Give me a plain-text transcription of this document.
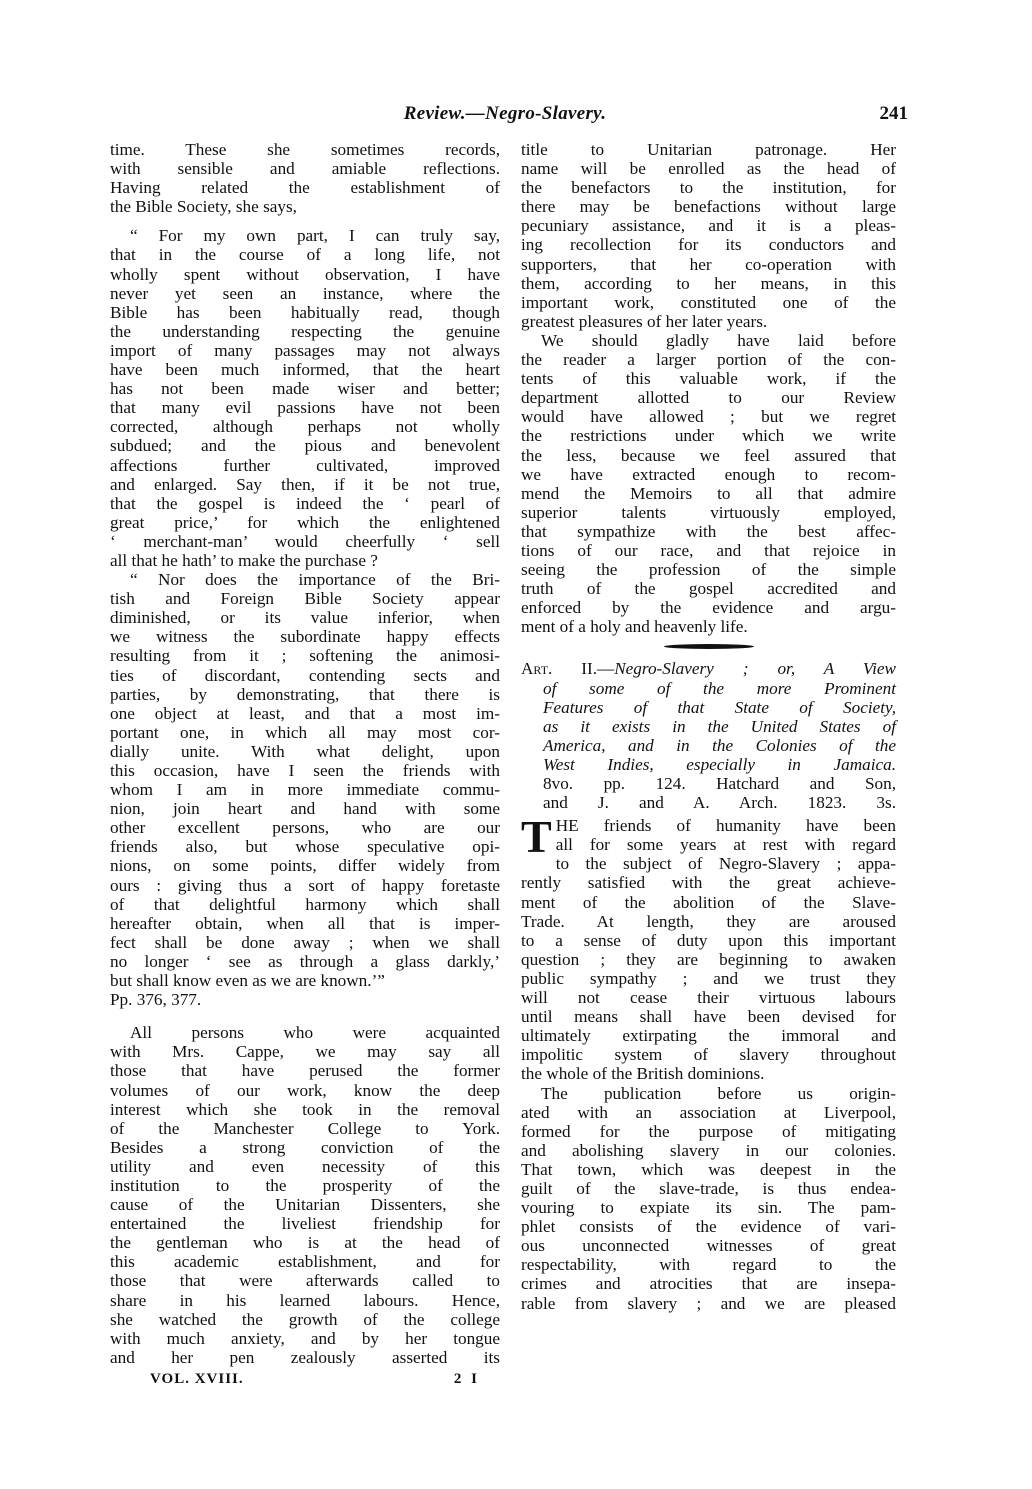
Review.—Negro-Slavery.	241
time. These she sometimes records,
with sensible and amiable reflections.
Having related the establishment of
the Bible Society, she says,
“ For my own part, I can truly say,
that in the course of a long life, not
wholly spent without observation, I have
never yet seen an instance, where the
Bible has been habitually read, though
the understanding respecting the genuine
import of many passages may not always
have been much informed, that the heart
has not been made wiser and better;
that many evil passions have not been
corrected, although perhaps not wholly
subdued; and the pious and benevolent
affections further cultivated, improved
and enlarged. Say then, if it be not true,
that the gospel is indeed the ‘ pearl of
great price,’ for which the enlightened
‘ merchant-man’ would cheerfully ‘ sell
all that he hath’ to make the purchase ?
“ Nor does the importance of the Bri-
tish and Foreign Bible Society appear
diminished, or its value inferior, when
we witness the subordinate happy effects
resulting from it ; softening the animosi-
ties of discordant, contending sects and
parties, by demonstrating, that there is
one object at least, and that a most im-
portant one, in which all may most cor-
dially unite. With what delight, upon
this occasion, have I seen the friends with
whom I am in more immediate commu-
nion, join heart and hand with some
other excellent persons, who are our
friends also, but whose speculative opi-
nions, on some points, differ widely from
ours : giving thus a sort of happy foretaste
of that delightful harmony which shall
hereafter obtain, when all that is imper-
fect shall be done away ; when we shall
no longer ‘ see as through a glass darkly,’
but shall know even as we are known.’”
Pp. 376, 377.
All persons who were acquainted
with Mrs. Cappe, we may say all
those that have perused the former
volumes of our work, know the deep
interest which she took in the removal
of the Manchester College to York.
Besides a strong conviction of the
utility and even necessity of this
institution to the prosperity of the
cause of the Unitarian Dissenters, she
entertained the liveliest friendship for
the gentleman who is at the head of
this academic establishment, and for
those that were afterwards called to
share in his learned labours. Hence,
she watched the growth of the college
with much anxiety, and by her tongue
and her pen zealously asserted its
title to Unitarian patronage. Her
name will be enrolled as the head of
the benefactors to the institution, for
there may be benefactions without large
pecuniary assistance, and it is a pleas-
ing recollection for its conductors and
supporters, that her co-operation with
them, according to her means, in this
important work, constituted one of the
greatest pleasures of her later years.
We should gladly have laid before
the reader a larger portion of the con-
tents of this valuable work, if the
department allotted to our Review
would have allowed ; but we regret
the restrictions under which we write
the less, because we feel assured that
we have extracted enough to recom-
mend the Memoirs to all that admire
superior talents virtuously employed,
that sympathize with the best affec-
tions of our race, and that rejoice in
seeing the profession of the simple
truth of the gospel accredited and
enforced by the evidence and argu-
ment of a holy and heavenly life.
Art. II.—Negro-Slavery ; or, A View
of some of the more Prominent
Features of that State of Society,
as it exists in the United States of
America, and in the Colonies of the
West Indies, especially in Jamaica.
8vo. pp. 124. Hatchard and Son,
and J. and A. Arch. 1823. 3s.
T HE friends of humanity have been
all for some years at rest with regard
to the subject of Negro-Slavery ; appa-
rently satisfied with the great achieve-
ment of the abolition of the Slave-
Trade. At length, they are aroused
to a sense of duty upon this important
question ; they are beginning to awaken
public sympathy ; and we trust they
will not cease their virtuous labours
until means shall have been devised for
ultimately extirpating the immoral and
impolitic system of slavery throughout
the whole of the British dominions.
The publication before us origin-
ated with an association at Liverpool,
formed for the purpose of mitigating
and abolishing slavery in our colonies.
That town, which was deepest in the
guilt of the slave-trade, is thus endea-
vouring to expiate its sin. The pam-
phlet consists of the evidence of vari-
ous unconnected witnesses of great
respectability, with regard to the
crimes and atrocities that are insepa-
rable from slavery ; and we are pleased
VOL. XVIII.	2 I
